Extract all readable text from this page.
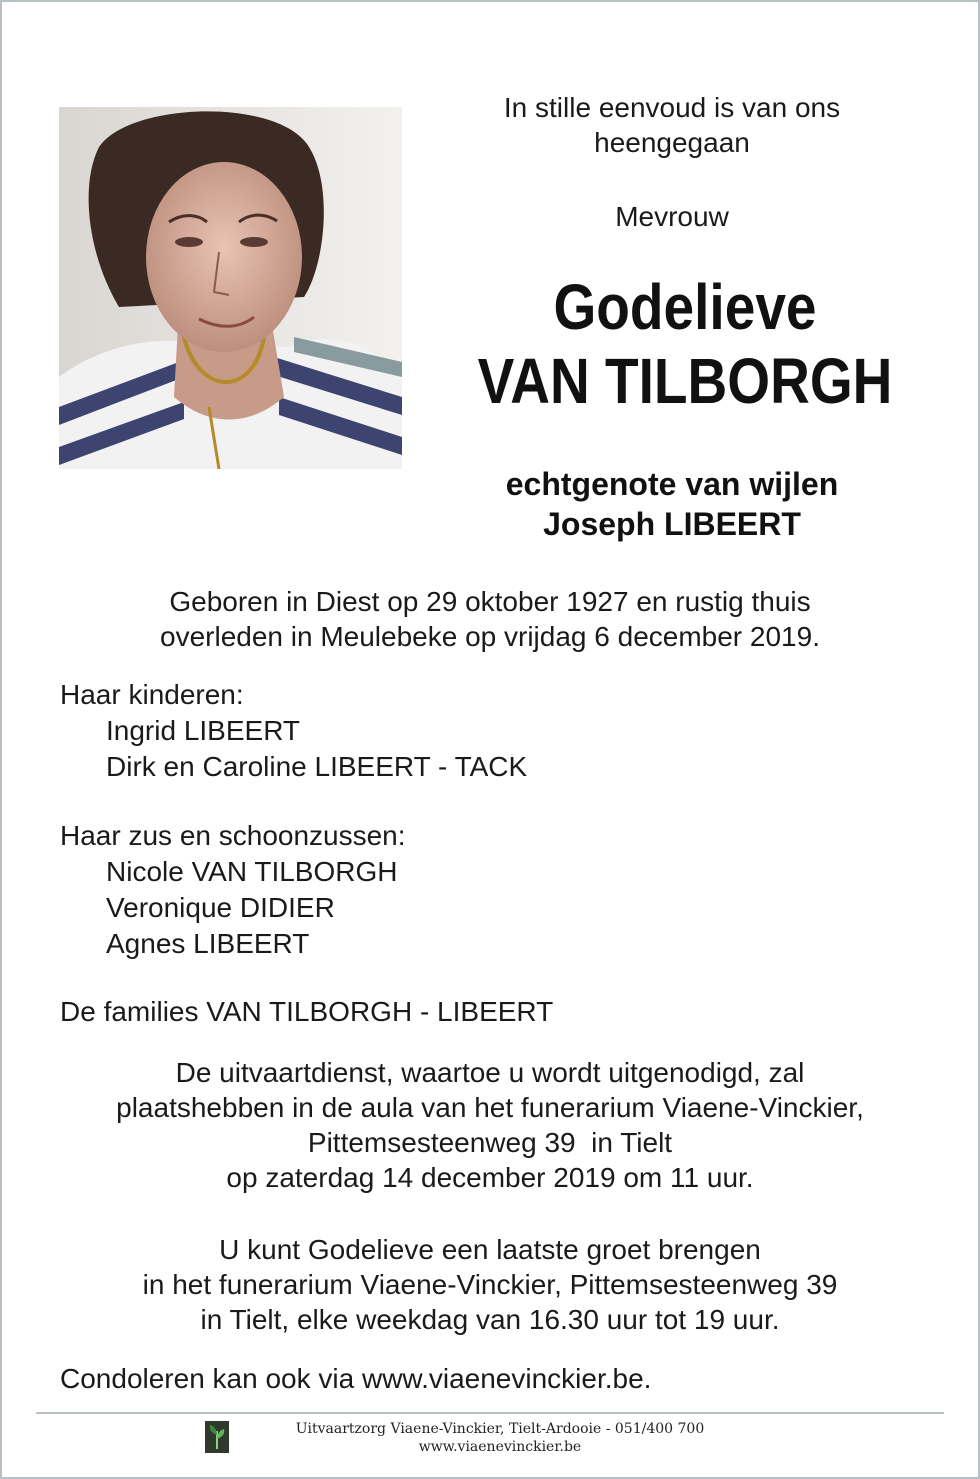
In stille eenvoud is van ons
heengegaan
Mevrouw
Godelieve
VAN TILBORGH
echtgenote van wijlen
Joseph LIBEERT
Geboren in Diest op 29 oktober 1927 en rustig thuis
overleden in Meulebeke op vrijdag 6 december 2019.
Haar kinderen:
Ingrid LIBEERT
Dirk en Caroline LIBEERT - TACK
Haar zus en schoonzussen:
Nicole VAN TILBORGH
Veronique DIDIER
Agnes LIBEERT
De families VAN TILBORGH - LIBEERT
De uitvaartdienst, waartoe u wordt uitgenodigd, zal
plaatshebben in de aula van het funerarium Viaene-Vinckier,
Pittemsesteenweg 39  in Tielt
op zaterdag 14 december 2019 om 11 uur.
U kunt Godelieve een laatste groet brengen
in het funerarium Viaene-Vinckier, Pittemsesteenweg 39
in Tielt, elke weekdag van 16.30 uur tot 19 uur.
Condoleren kan ook via www.viaenevinckier.be.
Uitvaartzorg Viaene-Vinckier, Tielt-Ardooie - 051/400 700
www.viaenevinckier.be
